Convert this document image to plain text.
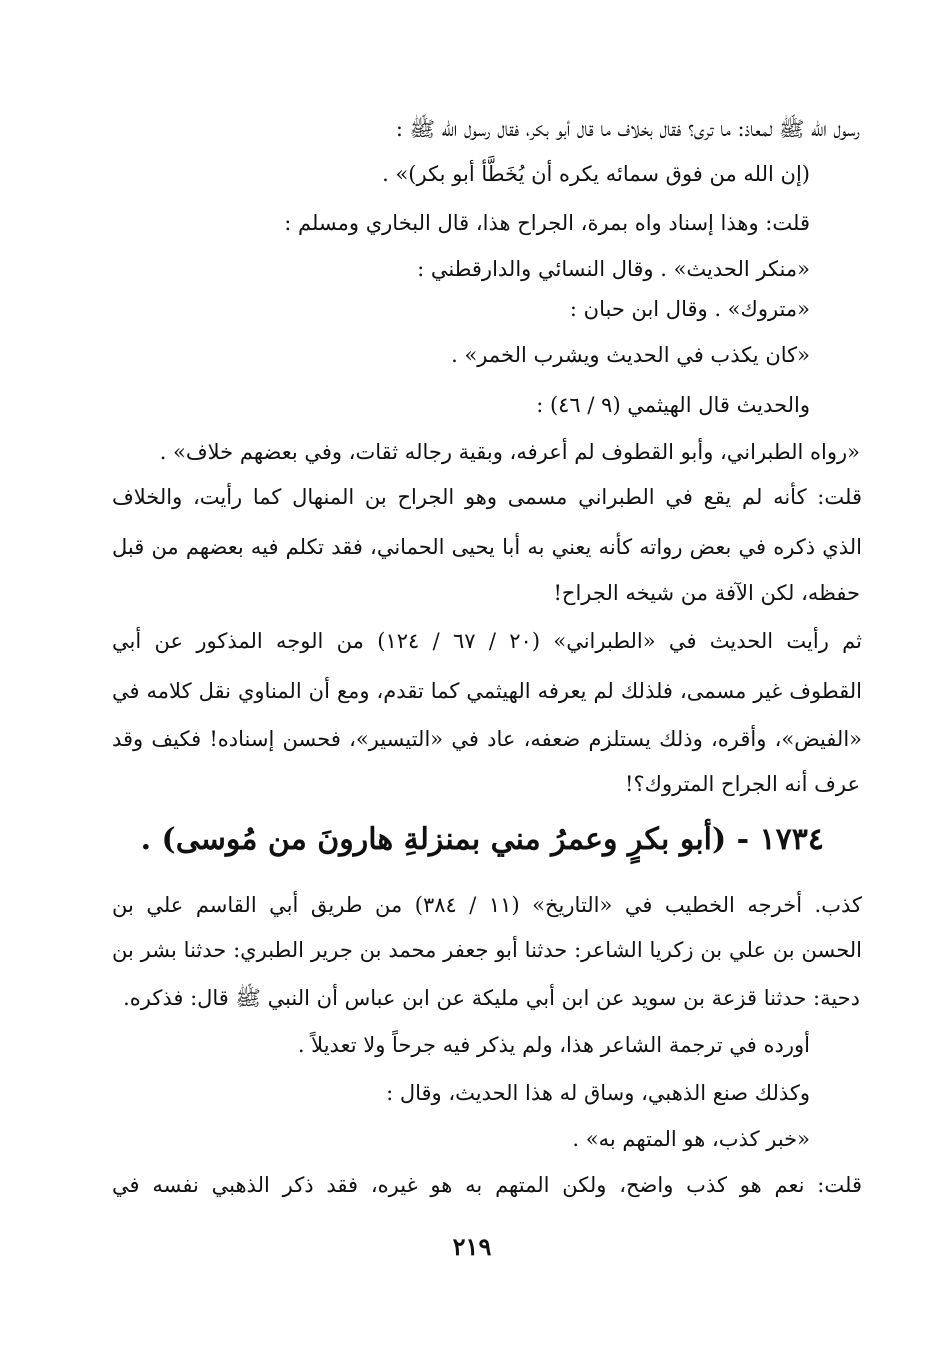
رسول الله ﷺ لمعاذ: ما ترى؟ فقال بخلاف ما قال أبو بكر، فقال رسول الله ﷺ :
(إن الله من فوق سمائه يكره أن يُخَطَّأ أبو بكر)» .
قلت: وهذا إسناد واه بمرة، الجراح هذا، قال البخاري ومسلم :
«منكر الحديث» . وقال النسائي والدارقطني :
«متروك» . وقال ابن حبان :
«كان يكذب في الحديث ويشرب الخمر» .
والحديث قال الهيثمي (٩ / ٤٦) :
«رواه الطبراني، وأبو القطوف لم أعرفه، وبقية رجاله ثقات، وفي بعضهم خلاف» .
قلت: كأنه لم يقع في الطبراني مسمى وهو الجراح بن المنهال كما رأيت، والخلاف
الذي ذكره في بعض رواته كأنه يعني به أبا يحيى الحماني، فقد تكلم فيه بعضهم من قبل
حفظه، لكن الآفة من شيخه الجراح!
ثم رأيت الحديث في «الطبراني» (٢٠ / ٦٧ / ١٢٤) من الوجه المذكور عن أبي
القطوف غير مسمى، فلذلك لم يعرفه الهيثمي كما تقدم، ومع أن المناوي نقل كلامه في
«الفيض»، وأقره، وذلك يستلزم ضعفه، عاد في «التيسير»، فحسن إسناده! فكيف وقد
عرف أنه الجراح المتروك؟!
١٧٣٤ - (أبو بكرٍ وعمرُ مني بمنزلةِ هارونَ من مُوسى) .
كذب. أخرجه الخطيب في «التاريخ» (١١ / ٣٨٤) من طريق أبي القاسم علي بن
الحسن بن علي بن زكريا الشاعر: حدثنا أبو جعفر محمد بن جرير الطبري: حدثنا بشر بن
دحية: حدثنا قزعة بن سويد عن ابن أبي مليكة عن ابن عباس أن النبي ﷺ قال: فذكره.
أورده في ترجمة الشاعر هذا، ولم يذكر فيه جرحاً ولا تعديلاً .
وكذلك صنع الذهبي، وساق له هذا الحديث، وقال :
«خبر كذب، هو المتهم به» .
قلت: نعم هو كذب واضح، ولكن المتهم به هو غيره، فقد ذكر الذهبي نفسه في
٢١٩
